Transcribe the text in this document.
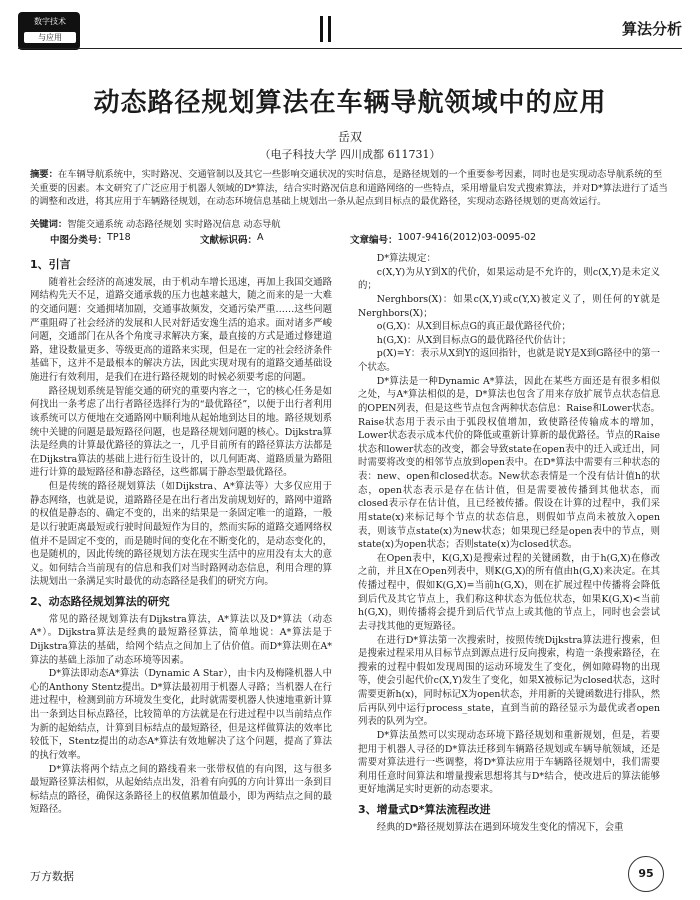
数字技术
与应用	算法分析
动态路径规划算法在车辆导航领域中的应用
岳双
（电子科技大学 四川成都 611731）
摘要：在车辆导航系统中，实时路况、交通管制以及其它一些影响交通状况的实时信息，是路径规划的一个重要参考因素，同时也是实现动态导航系统的至关重要的因素。本文研究了广泛应用于机器人领域的D*算法，结合实时路况信息和道路网络的一些特点，采用增量启发式搜索算法，并对D*算法进行了适当的调整和改进，将其应用于车辆路径规划，在动态环境信息基础上规划出一条从起点到目标点的最优路径，实现动态路径规划的更高效运行。
关键词：智能交通系统 动态路径规划 实时路况信息 动态导航
中图分类号： TP18	文献标识码： A	文章编号： 1007-9416(2012)03-0095-02
1、引言

随着社会经济的高速发展，由于机动车增长迅速，再加上我国交通路网结构先天不足，道路交通承载的压力也越来越大，随之而来的是一大难的交通问题：交通拥堵加剧，交通事故频发，交通污染严重……这些问题严重阻碍了社会经济的发展和人民对舒适安逸生活的追求。面对诸多严峻问题，交通部门在从各个角度寻求解决方案，最直接的方式是通过修建道路，建设数量更多、等级更高的道路来实现，但是在一定的社会经济条件基础下，这并不是最根本的解决方法，因此实现对现有的道路交通基础设施进行有效利用，是我们在进行路径规划的时候必须要考虑的问题。

路径规划系统是智能交通的研究的重要内容之一，它的核心任务是如何找出一条考虑了出行者路径选择行为的“最优路径”，以便于出行者利用该系统可以方便地在交通路网中顺利地从起始地到达目的地。路径规划系统中关键的问题是最短路径问题，也是路径规划问题的核心。Dijkstra算法是经典的计算最优路径的算法之一，几乎目前所有的路径算法方法都是在Dijkstra算法的基础上进行衍生设计的，以几何距离、道路质量为路阻进行计算的最短路径和静态路径，这些都属于静态型最优路径。

但是传统的路径规划算法（如Dijkstra、A*算法等）大多仅应用于静态网络，也就是说，道路路径是在出行者出发前规划好的，路网中道路的权值是静态的、确定不变的，出来的结果是一条固定唯一的道路，一般是以行驶距离最短或行驶时间最短作为目的，然而实际的道路交通网络权值并不是固定不变的，而是随时间的变化在不断变化的，是动态变化的，也是随机的，因此传统的路径规划方法在现实生活中的应用没有太大的意义。如何结合当前现有的信息和我们对当时路网动态信息，利用合理的算法规划出一条满足实时最优的动态路径是我们的研究方向。

2、动态路径规划算法的研究

常见的路径规划算法有Dijkstra算法，A*算法以及D*算法（动态A*）。Dijkstra算法是经典的最短路径算法，简单地说：A*算法是于Dijkstra算法的基础，给网个结点之间加上了估价值。而D*算法则在A*算法的基础上添加了动态环境等因素。

D*算法即动态A*算法（Dynamic A Star），由卡内及梅隆机器人中心的Anthony Stentz提出。D*算法最初用于机器人寻路；当机器人在行进过程中，检测到前方环境发生变化，此时就需要机器人快速地重新计算出一条到达目标点路径，比较简单的方法就是在行进过程中以当前结点作为新的起始结点，计算到目标结点的最短路径，但是这样做算法的效率比较低下，Stentz提出的动态A*算法有效地解决了这个问题，提高了算法的执行效率。

D*算法将两个结点之间的路线看来一张带权值的有向图，这与很多最短路径算法相似，从起始结点出发，沿着有向弧的方向计算出一条到目标结点的路径，确保这条路径上的权值累加值最小，即为两结点之间的最短路径。

D*算法规定：

c(X,Y)为从Y到X的代价，如果运动是不允许的，则c(X,Y)是未定义的；

Nerghbors(X)：如果c(X,Y)或c(Y,X)被定义了，则任何的Y就是Nerghbors(X)；

o(G,X)：从X到目标点G的真正最优路径代价；

h(G,X)：从X到目标点G的最优路径代价估计；

p(X)=Y：表示从X到Y的返回指针，也就是说Y是X到G路径中的第一个状态。

D*算法是一种Dynamic A*算法，因此在某些方面还是有很多相似之处，与A*算法相似的是，D*算法也包含了用来存放扩展节点状态信息的OPEN列表，但是这些节点包含两种状态信息：Raise和Lower状态。Raise状态用于表示由于弧段权值增加，致使路径传输成本的增加，Lower状态表示成本代价的降低或重新计算新的最优路径。节点的Raise状态和lower状态的改变，都会导致state在open表中的迁入或迁出，同时需要将改变的相邻节点放到open表中。在D*算法中需要有三种状态的表：new、open和closed状态。New状态表情是一个没有估计值h的状态，open状态表示是存在估计值，但是需要被传播到其他状态，而closed表示存在估计值，且已经被传播。假设在计算的过程中，我们采用state(x)来标记每个节点的状态信息，则假如节点尚未被放入open表，则该节点state(x)为new状态；如果现已经是open表中的节点，则state(x)为open状态；否则state(x)为closed状态。

在Open表中，K(G,X)是搜索过程的关键函数，由于h(G,X)在修改之前，并且X在Open列表中，则K(G,X)的所有值由h(G,X)来决定。在其传播过程中，假如K(G,X)=当前h(G,X)，则在扩展过程中传播将会降低到后代及其它节点上，我们称这种状态为低位状态，如果K(G,X)<当前h(G,X)，则传播将会提升到后代节点上或其他的节点上，同时也会尝试去寻找其他的更短路径。

在进行D*算法第一次搜索时，按照传统Dijkstra算法进行搜索，但是搜索过程采用从目标节点到源点进行反向搜索，构造一条搜索路径，在搜索的过程中假如发现周围的运动环境发生了变化，例如障碍物的出现等，使会引起代价c(X,Y)发生了变化，如果X被标记为closed状态，这时需要更新h(x)，同时标记X为open状态，并用新的关键函数进行排队，然后再队列中运行process_state，直到当前的路径显示为最优或者open列表的队列为空。

D*算法虽然可以实现动态环境下路径规划和重新规划，但是，若要把用于机器人寻径的D*算法迁移到车辆路径规划或车辆导航领域，还是需要对算法进行一些调整，将D*算法应用于车辆路径规划中，我们需要利用任意时间算法和增量搜索思想将其与D*结合，使改进后的算法能够更好地满足实时更新的动态要求。

3、增量式D*算法流程改进

经典的D*路径规划算法在遇到环境发生变化的情况下，会重

万方数据	95
